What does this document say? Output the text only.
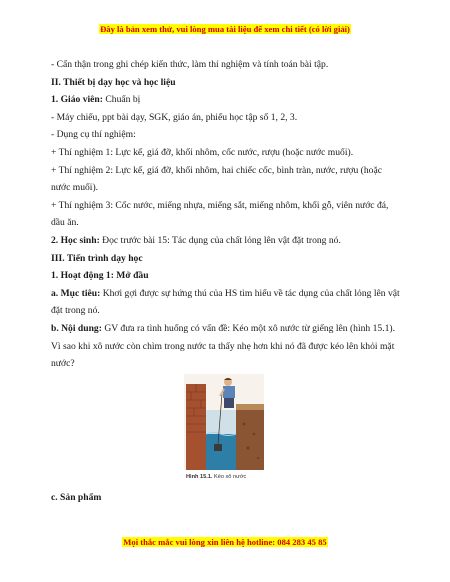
Đây là bản xem thử, vui lòng mua tài liệu để xem chi tiết (có lời giải)

- Cẩn thận trong ghi chép kiến thức, làm thí nghiệm và tính toán bài tập.

II. Thiết bị dạy học và học liệu

1. Giáo viên: Chuẩn bị

- Máy chiếu, ppt bài dạy, SGK, giáo án, phiếu học tập số 1, 2, 3.

- Dụng cụ thí nghiệm:

+ Thí nghiệm 1: Lực kế, giá đỡ, khối nhôm, cốc nước, rượu (hoặc nước muối).

+ Thí nghiệm 2: Lực kế, giá đỡ, khối nhôm, hai chiếc cốc, bình tràn, nước, rượu (hoặc nước muối).

+ Thí nghiệm 3: Cốc nước, miếng nhựa, miếng sắt, miếng nhôm, khối gỗ, viên nước đá, dầu ăn.

2. Học sinh: Đọc trước bài 15: Tác dụng của chất lỏng lên vật đặt trong nó.

III. Tiến trình dạy học

1. Hoạt động 1: Mở đầu

a. Mục tiêu: Khơi gợi được sự hứng thú của HS tìm hiểu về tác dụng của chất lỏng lên vật đặt trong nó.

b. Nội dung: GV đưa ra tình huống có vấn đề: Kéo một xô nước từ giếng lên (hình 15.1). Vì sao khi xô nước còn chìm trong nước ta thấy nhẹ hơn khi nó đã được kéo lên khỏi mặt nước?

Hình 15.1. Kéo xô nước
c. Sản phẩm
Mọi thắc mắc vui lòng xin liên hệ hotline: 084 283 45 85
